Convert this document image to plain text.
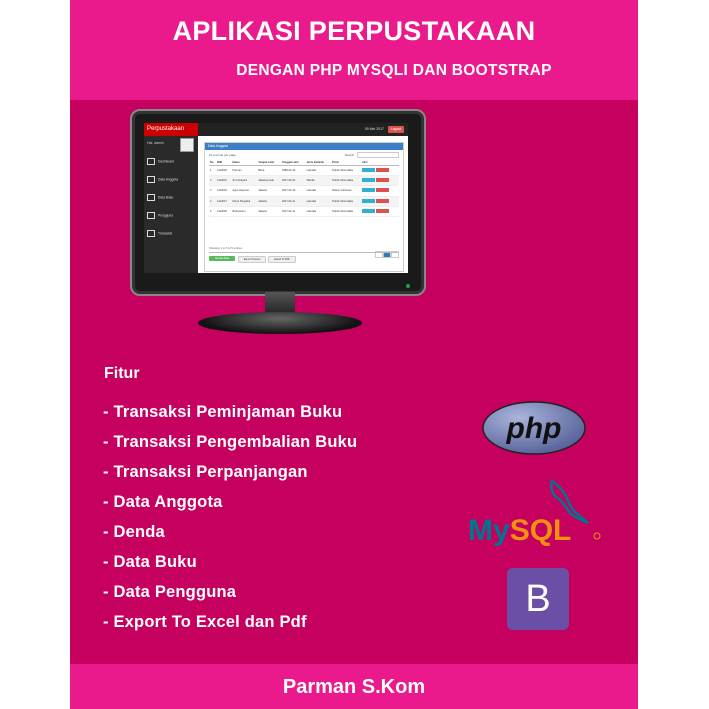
APLIKASI PERPUSTAKAAN
DENGAN PHP MYSQLI DAN BOOTSTRAP
Parman S.Kom
Perpustakaan	09 Mei 2017	Logout
Hai, admin
Dashboard
Data Anggota
Data Buku
Pengguna
Transaksi
Data Anggota
10 records per page	Search:
No	NIM	Nama	Tempat Lahir	Tanggal Lahir	Jenis Kelamin	Prodi	Aksi
1	1112020	Parman	Blora	1989-03-10	Laki-laki	Teknik Informatika	
2	1112021	Sri Indrayani	Jakarta pusat	2017-04-04	Wanita	Teknik Informatika	
3	1112019	Agus Haryono	Jakarta	2017-04-10	Laki-laki	Sistem Informasi	
4	1112017	Dimol Pangaba	Jakarta	2017-04-11	Laki-laki	Teknik Informatika	
5	1112018	Budiyanton	Jakarta	2017-04-11	Laki-laki	Teknik Informatika	
Showing 1 to 5 of 5 entries
Tambah Data	Export To Excel	Export To PDF
Fitur
- Transaksi Peminjaman Buku
- Transaksi Pengembalian Buku
- Transaksi Perpanjangan
- Data Anggota
- Denda
- Data Buku
- Data Pengguna
- Export To Excel dan Pdf
php
MySQL
B
